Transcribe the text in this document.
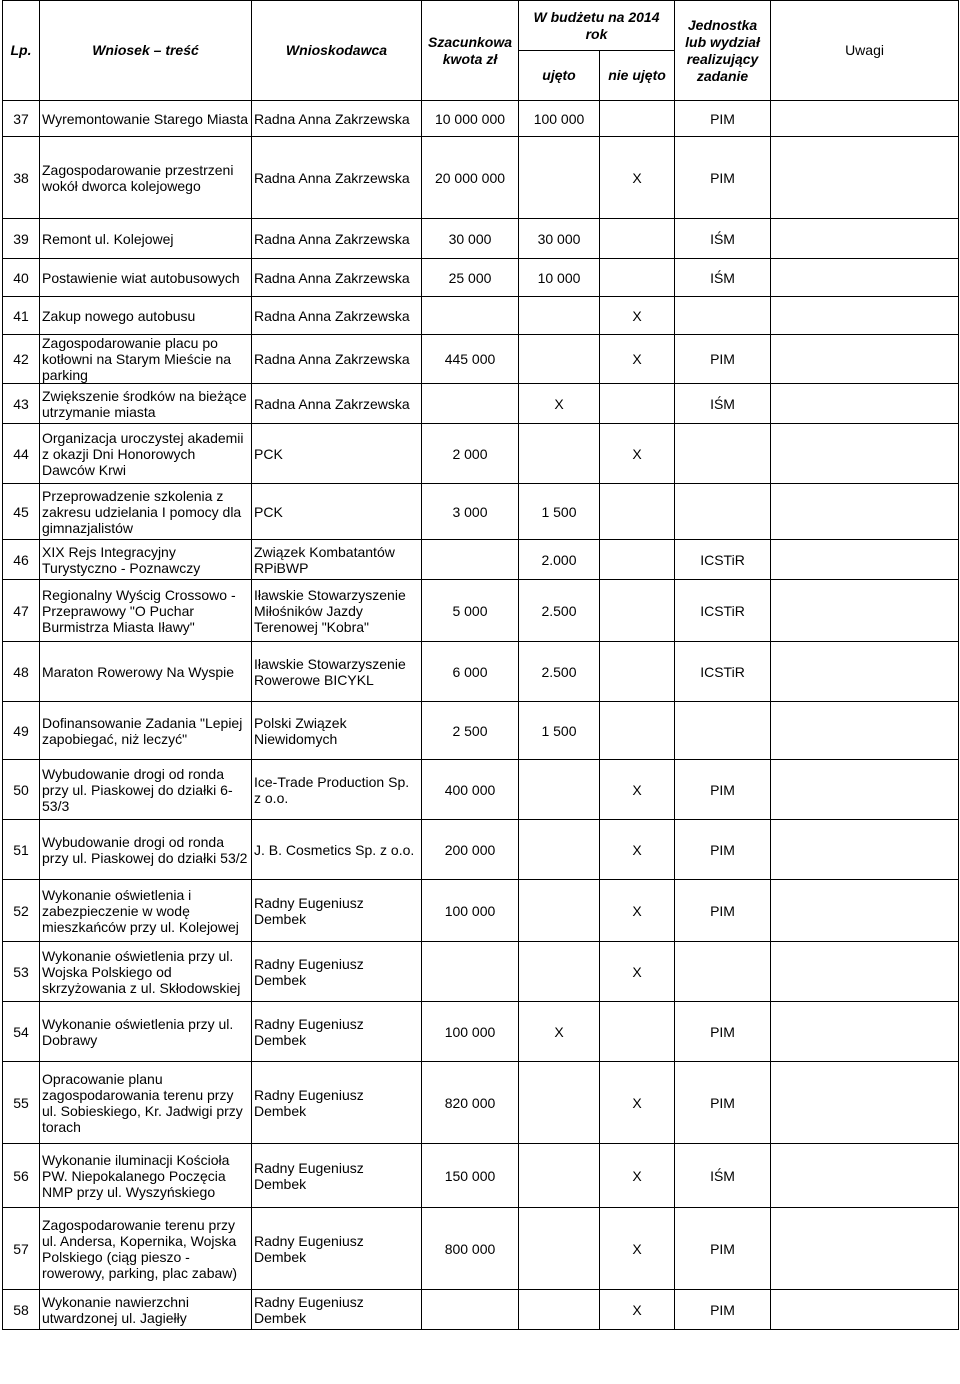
Lp.	Wniosek – treść	Wnioskodawca	Szacunkowa kwota zł	W budżetu na 2014 rok		Jednostka lub wydział realizujący zadanie	Uwagi
				ujęto	nie ujęto		
37	Wyremontowanie Starego Miasta	Radna Anna Zakrzewska	10 000 000	100 000		PIM	
38	Zagospodarowanie przestrzeni wokół dworca kolejowego	Radna Anna Zakrzewska	20 000 000		X	PIM	
39	Remont ul. Kolejowej	Radna Anna Zakrzewska	30 000	30 000		IŚM	
40	Postawienie wiat autobusowych	Radna Anna Zakrzewska	25 000	10 000		IŚM	
41	Zakup nowego autobusu	Radna Anna Zakrzewska			X		
42	Zagospodarowanie placu po kotłowni na Starym Mieście na parking	Radna Anna Zakrzewska	445 000		X	PIM	
43	Zwiększenie środków na bieżące utrzymanie miasta	Radna Anna Zakrzewska		X		IŚM	
44	Organizacja uroczystej akademii z okazji Dni Honorowych Dawców Krwi	PCK	2 000		X		
45	Przeprowadzenie szkolenia z zakresu udzielania I pomocy dla gimnazjalistów	PCK	3 000	1 500			
46	XIX Rejs Integracyjny Turystyczno - Poznawczy	Związek Kombatantów RPiBWP		2.000		ICSTiR	
47	Regionalny Wyścig Crossowo - Przeprawowy "O Puchar Burmistrza Miasta Iławy"	Iławskie Stowarzyszenie Miłośników Jazdy Terenowej "Kobra"	5 000	2.500		ICSTiR	
48	Maraton Rowerowy Na Wyspie	Iławskie Stowarzyszenie Rowerowe BICYKL	6 000	2.500		ICSTiR	
49	Dofinansowanie Zadania "Lepiej zapobiegać, niż leczyć"	Polski Związek Niewidomych	2 500	1 500			
50	Wybudowanie drogi od ronda przy ul. Piaskowej do działki 6-53/3	Ice-Trade Production Sp. z o.o.	400 000		X	PIM	
51	Wybudowanie drogi od ronda przy ul. Piaskowej do działki 53/2	J. B. Cosmetics Sp. z o.o.	200 000		X	PIM	
52	Wykonanie oświetlenia i zabezpieczenie w wodę mieszkańców przy ul. Kolejowej	Radny Eugeniusz Dembek	100 000		X	PIM	
53	Wykonanie oświetlenia przy ul. Wojska Polskiego od skrzyżowania z ul. Skłodowskiej	Radny Eugeniusz Dembek			X		
54	Wykonanie oświetlenia przy ul. Dobrawy	Radny Eugeniusz Dembek	100 000	X		PIM	
55	Opracowanie planu zagospodarowania terenu przy ul. Sobieskiego, Kr. Jadwigi przy torach	Radny Eugeniusz Dembek	820 000		X	PIM	
56	Wykonanie iluminacji Kościoła PW. Niepokalanego Poczęcia NMP przy ul. Wyszyńskiego	Radny Eugeniusz Dembek	150 000		X	IŚM	
57	Zagospodarowanie terenu przy ul. Andersa, Kopernika, Wojska Polskiego (ciąg pieszo - rowerowy, parking, plac zabaw)	Radny Eugeniusz Dembek	800 000		X	PIM	
58	Wykonanie nawierzchni utwardzonej ul. Jagiełły	Radny Eugeniusz Dembek			X	PIM	
